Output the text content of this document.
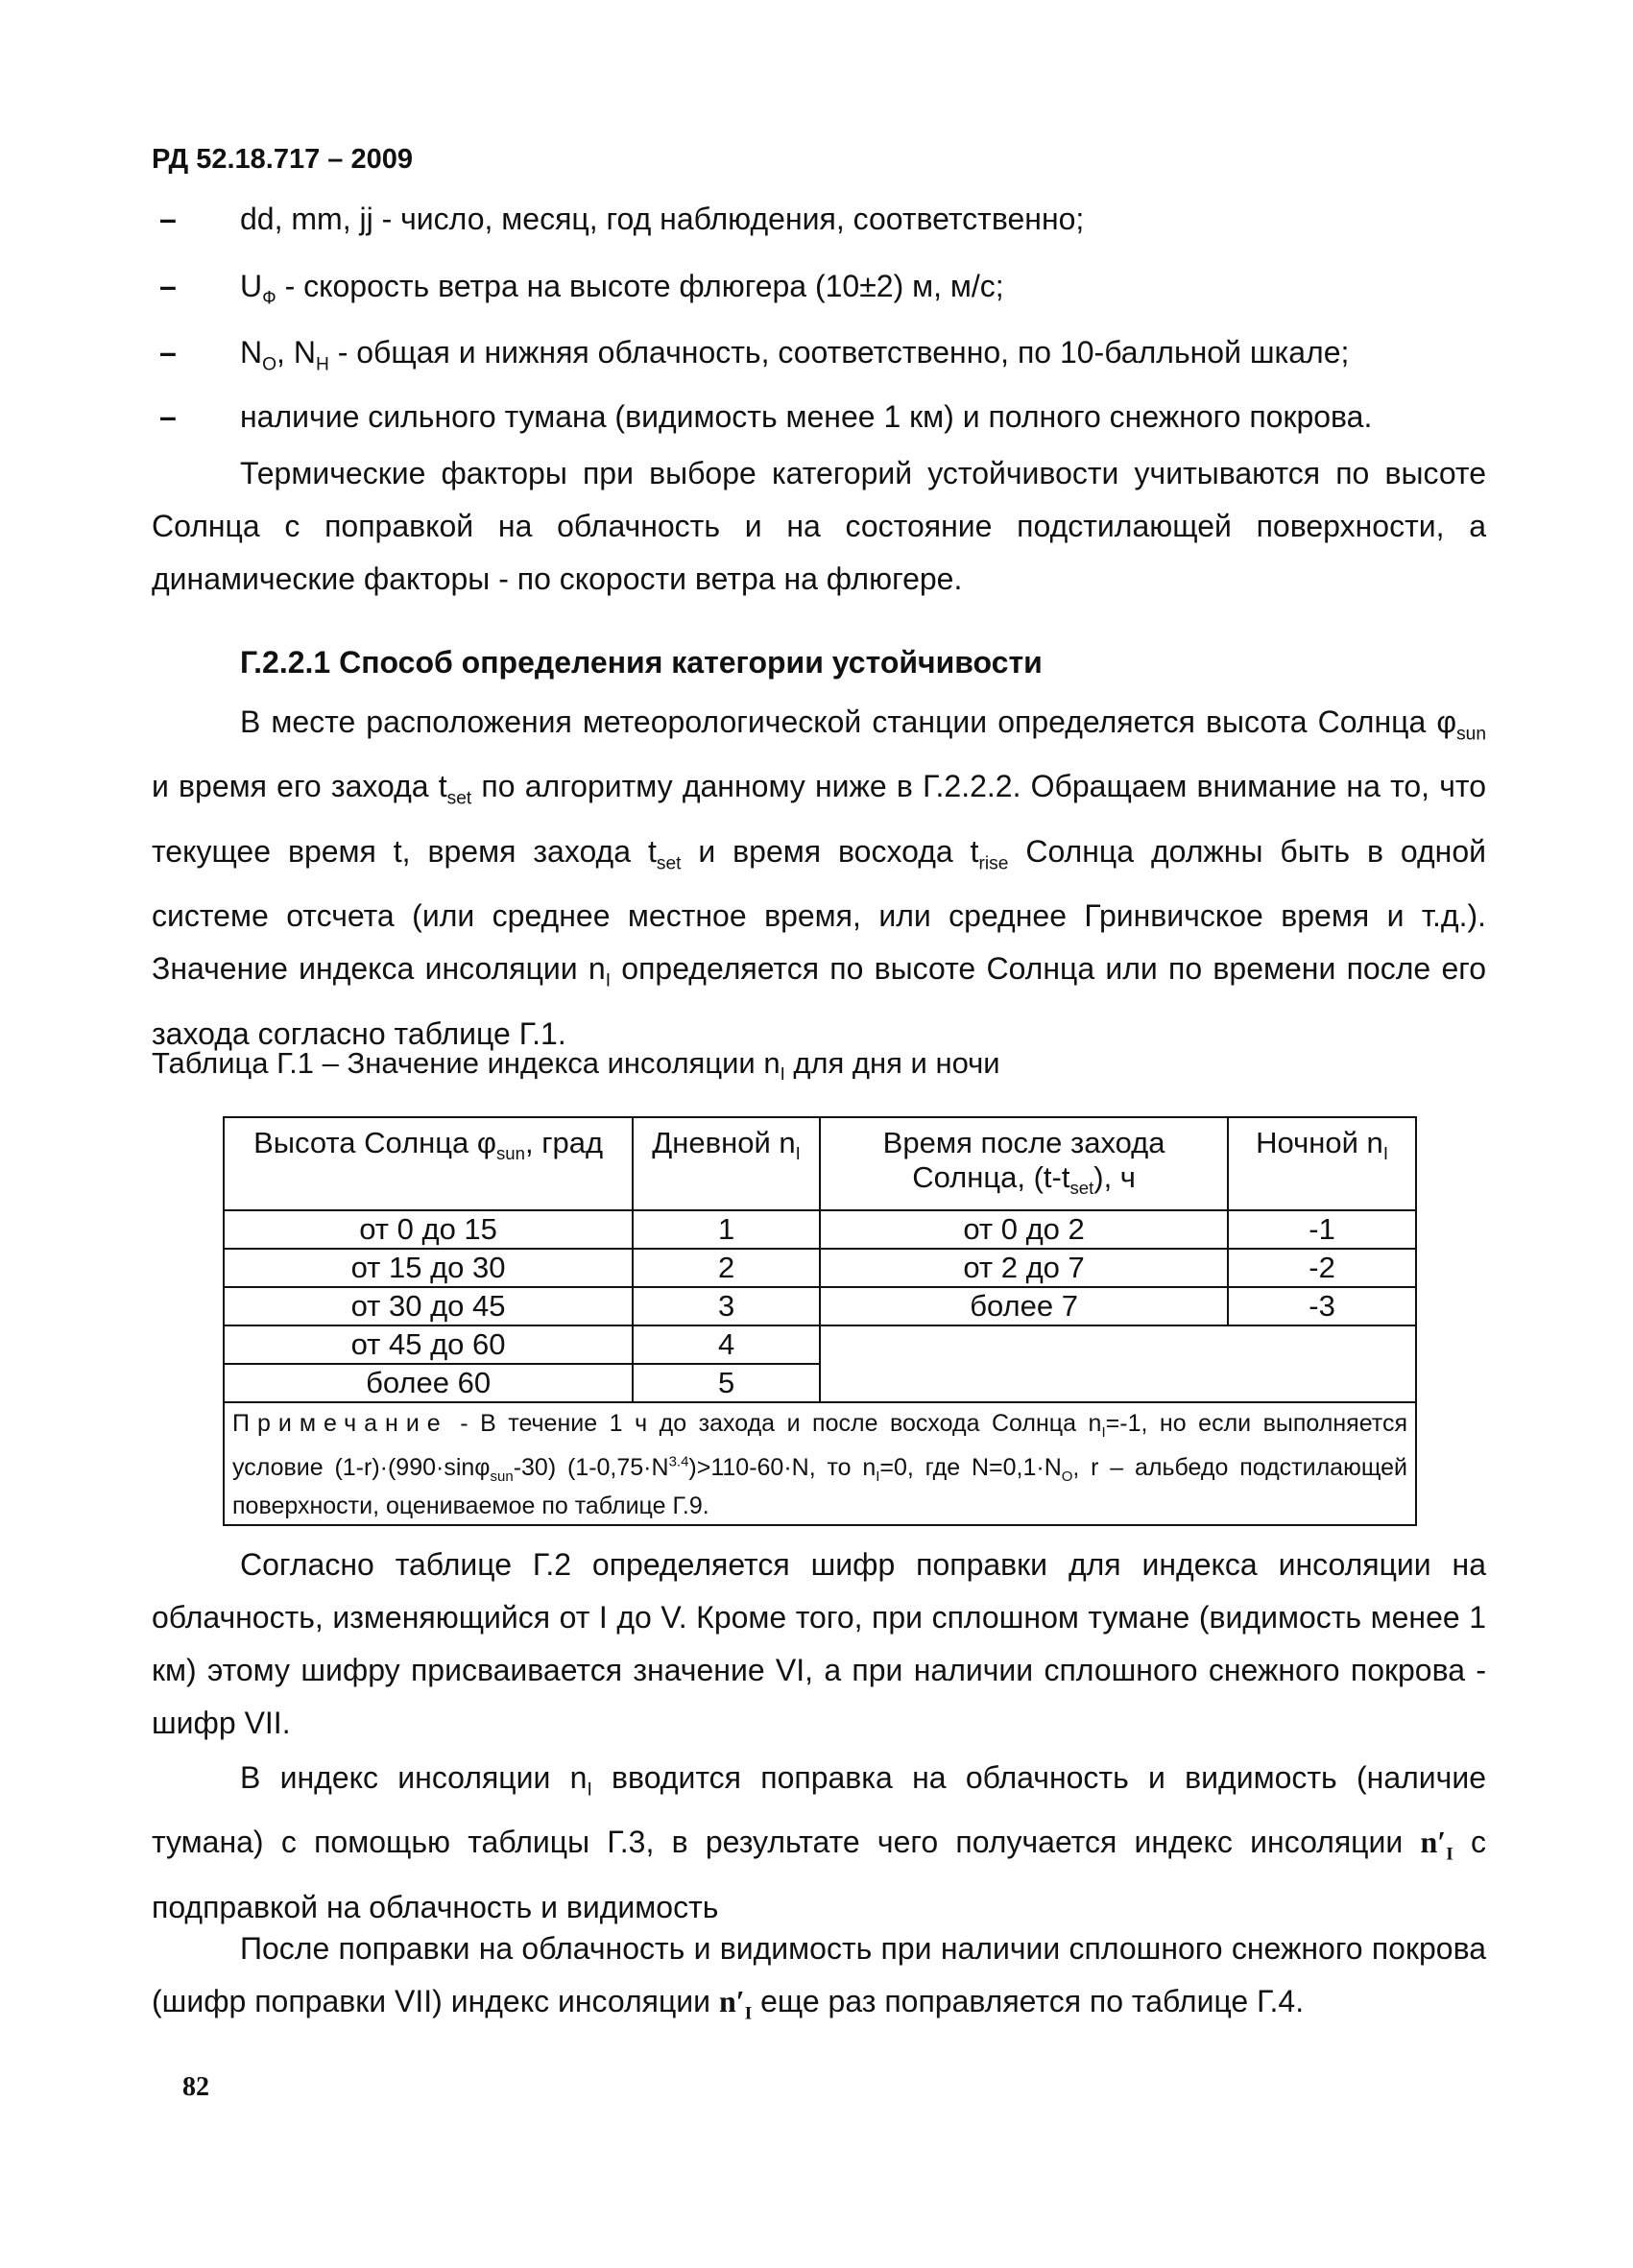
РД 52.18.717 – 2009
– dd, mm, jj - число, месяц, год наблюдения, соответственно;
– $U_Ф$ - скорость ветра на высоте флюгера (10±2) м, м/с;
– $N_O$, $N_H$ - общая и нижняя облачность, соответственно, по 10-балльной шкале;
– наличие сильного тумана (видимость менее 1 км) и полного снежного покрова.
Термические факторы при выборе категорий устойчивости учитываются по высоте Солнца с поправкой на облачность и на состояние подстилающей поверхности, а динамические факторы - по скорости ветра на флюгере.
Г.2.2.1 Способ определения категории устойчивости
В месте расположения метеорологической станции определяется высота Солнца $\varphi_{sun}$ и время его захода $t_{set}$ по алгоритму данному ниже в Г.2.2.2. Обращаем внимание на то, что текущее время t, время захода $t_{set}$ и время восхода $t_{rise}$ Солнца должны быть в одной системе отсчета (или среднее местное время, или среднее Гринвичское время и т.д.). Значение индекса инсоляции $n_I$ определяется по высоте Солнца или по времени после его захода согласно таблице Г.1.
Таблица Г.1 – Значение индекса инсоляции $n_I$ для дня и ночи
Высота Солнца $\varphi_{sun}$, град	Дневной $n_I$	Время после захода Солнца, $(t-t_{set})$, ч	Ночной $n_I$
от 0 до 15	1	от 0 до 2	-1
от 15 до 30	2	от 2 до 7	-2
от 30 до 45	3	более 7	-3
от 45 до 60	4		
более 60	5		
Примечание - В течение 1 ч до захода и после восхода Солнца $n_I=-1$, но если выполняется условие (1-r)·(990·sinφ$_{sun}$-30) $(1-0,75\cdot N^{3.4})>110-60\cdot N$, то $n_I=0$, где $N=0,1\cdot N_O$, r – альбедо подстилающей поверхности, оцениваемое по таблице Г.9.			
Согласно таблице Г.2 определяется шифр поправки для индекса инсоляции на облачность, изменяющийся от I до V. Кроме того, при сплошном тумане (видимость менее 1 км) этому шифру присваивается значение VI, а при наличии сплошного снежного покрова - шифр VII.
В индекс инсоляции $n_I$ вводится поправка на облачность и видимость (наличие тумана) с помощью таблицы Г.3, в результате чего получается индекс инсоляции $n'_I$ с подправкой на облачность и видимость
После поправки на облачность и видимость при наличии сплошного снежного покрова (шифр поправки VII) индекс инсоляции $n'_I$ еще раз поправляется по таблице Г.4.
82
